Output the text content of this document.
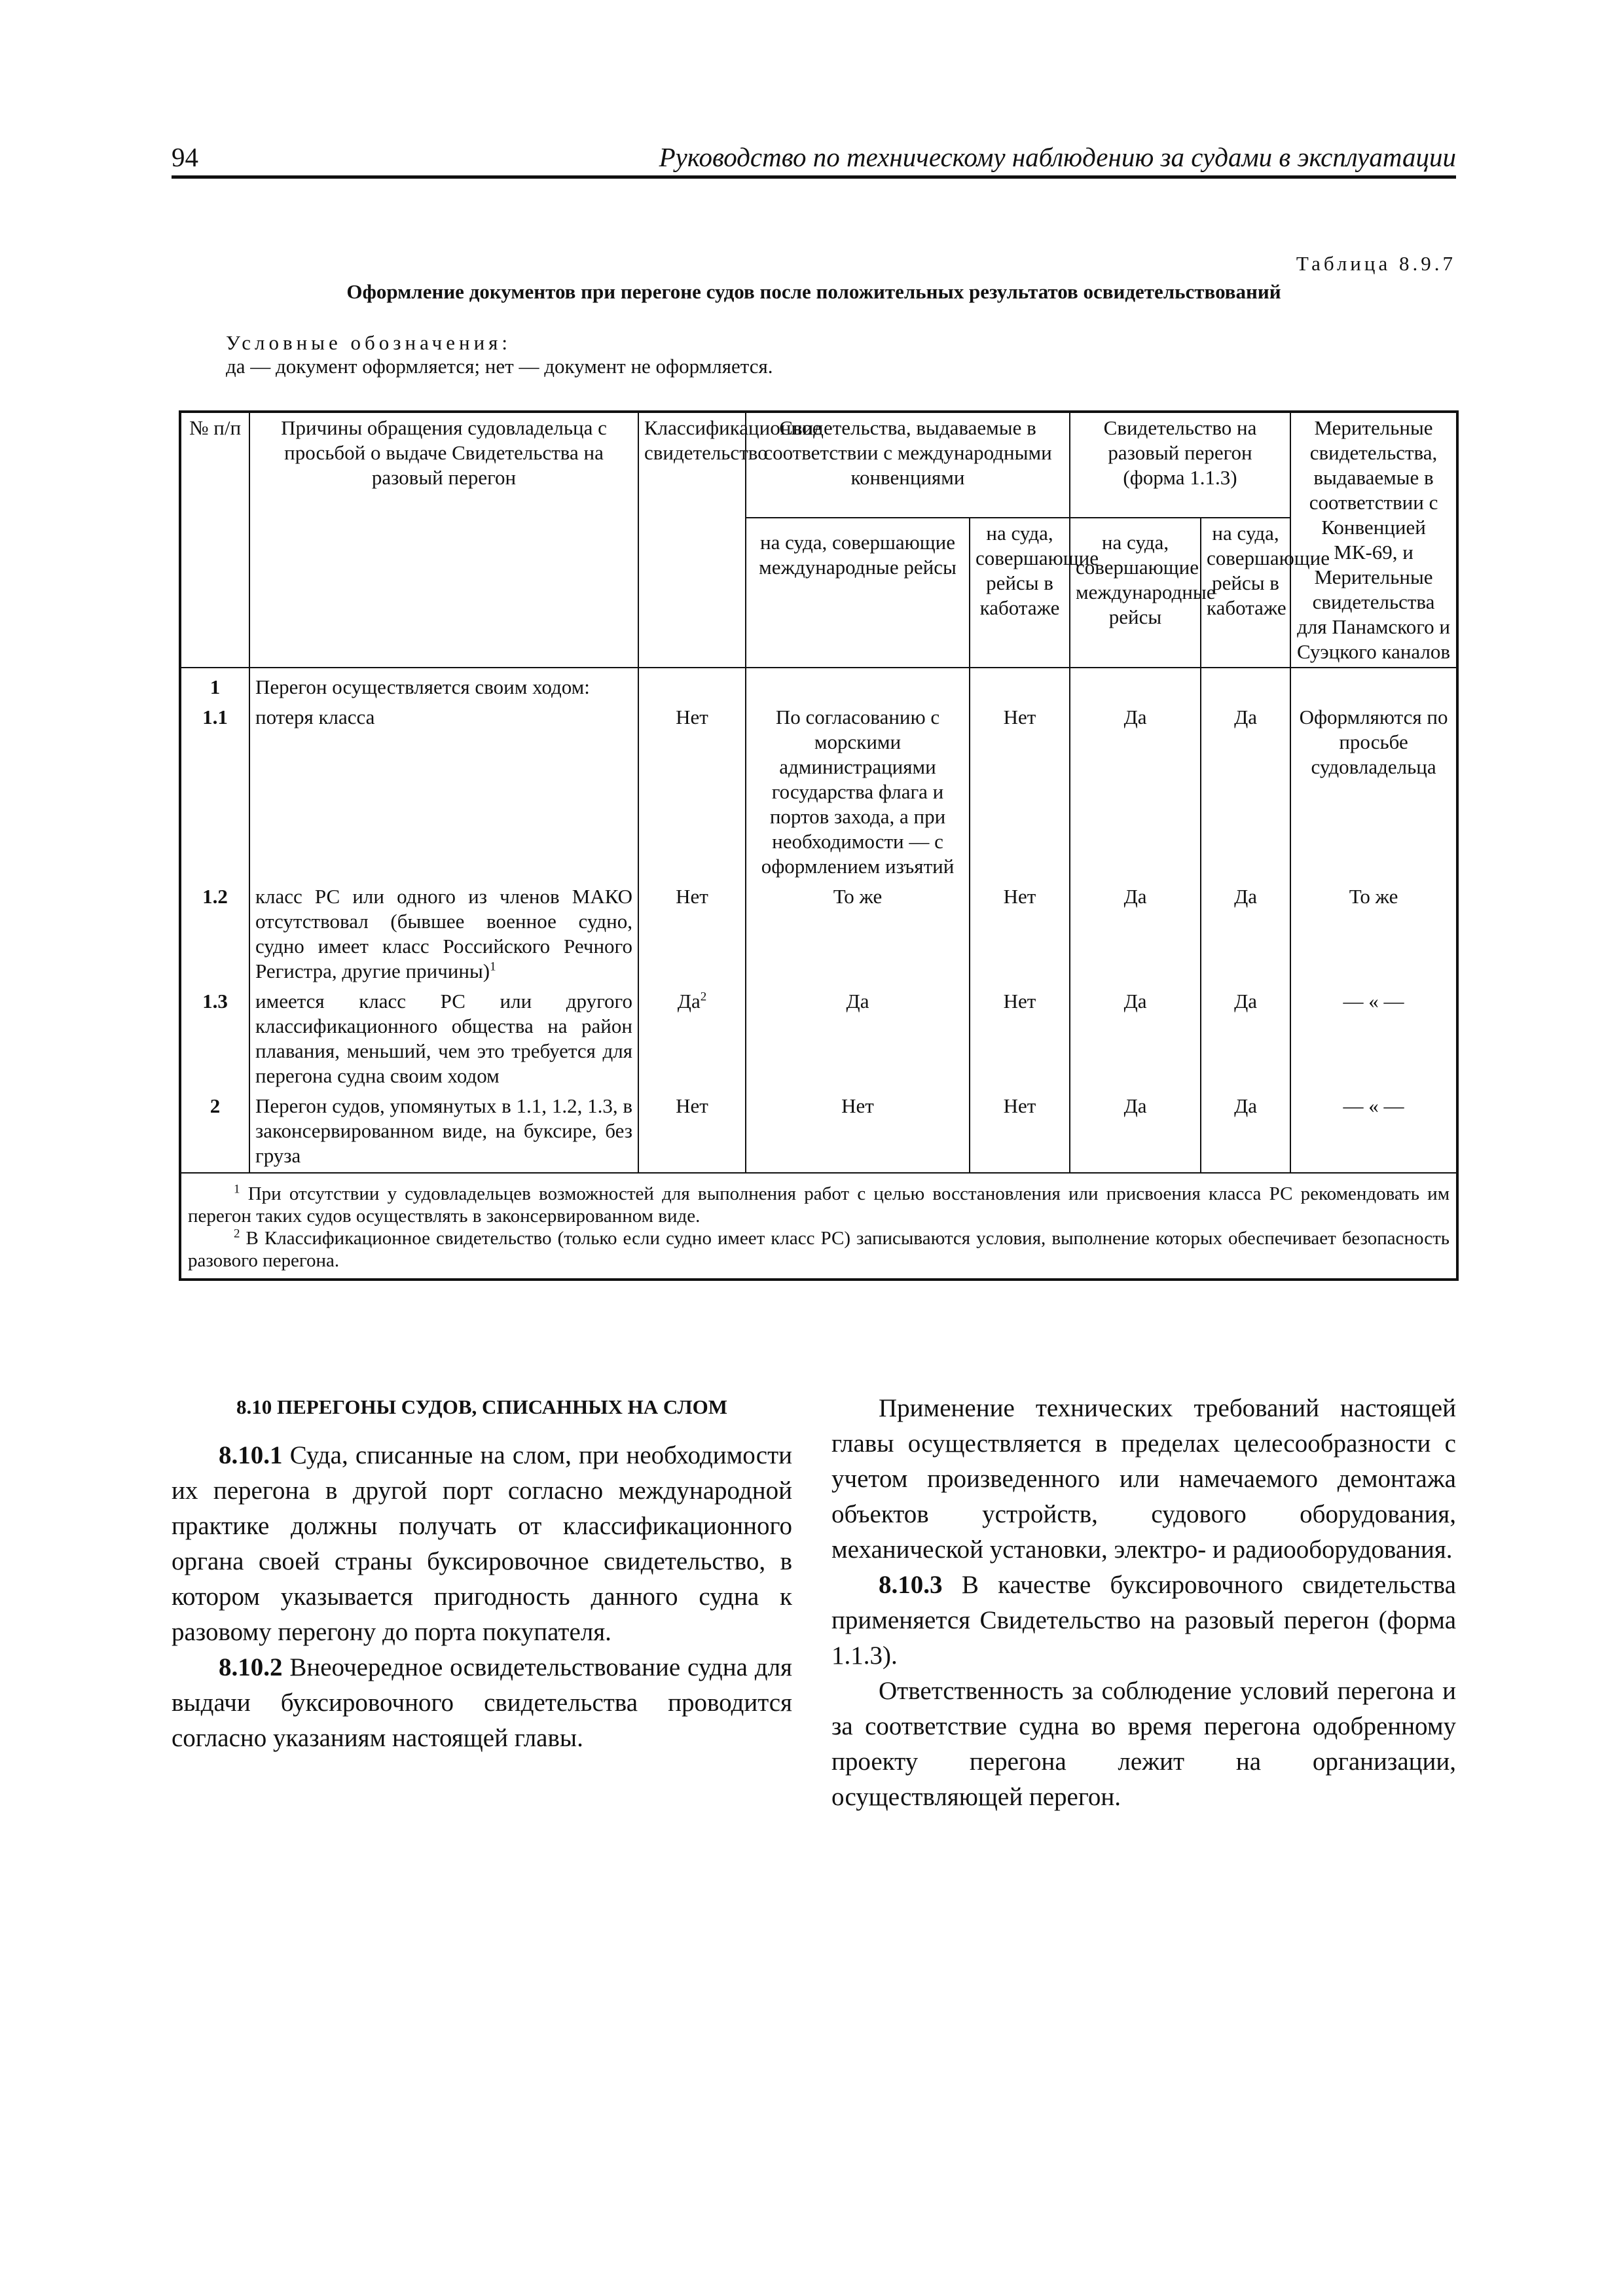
94	Руководство по техническому наблюдению за судами в эксплуатации
Таблица 8.9.7
Оформление документов при перегоне судов после положительных результатов освидетельствований
Условные обозначения:
да — документ оформляется; нет — документ не оформляется.
№ п/п	Причины обращения судовладельца с просьбой о выдаче Свидетельства на разовый перегон	Классификационное свидетельство	Свидетельства, выдаваемые в соответствии с международными конвенциями		Свидетельство на разовый перегон (форма 1.1.3)		Мерительные свидетельства, выдаваемые в соответствии с Конвенцией МК-69, и Мерительные свидетельства для Панамского и Суэцкого каналов
			на суда, совершающие международные рейсы	на суда, совершающие рейсы в каботаже	на суда, совершающие международные рейсы	на суда, совершающие рейсы в каботаже	
1	Перегон осуществляется своим ходом:						
1.1	потеря класса	Нет	По согласованию с морскими администрациями государства флага и портов захода, а при необходимости — с оформлением изъятий	Нет	Да	Да	Оформляются по просьбе судовладельца
1.2	класс РС или одного из членов МАКО отсутствовал (бывшее военное судно, судно имеет класс Российского Речного Регистра, другие причины)$^1$	Нет	То же	Нет	Да	Да	То же
1.3	имеется класс РС или другого классификационного общества на район плавания, меньший, чем это требуется для перегона судна своим ходом	$Да^2$	Да	Нет	Да	Да	— « —
2	Перегон судов, упомянутых в 1.1, 1.2, 1.3, в законсервированном виде, на буксире, без груза	Нет	Нет	Нет	Да	Да	— « —

$^1$ При отсутствии у судовладельцев возможностей для выполнения работ с целью восстановления или присвоения класса РС рекомендовать им перегон таких судов осуществлять в законсервированном виде.
$^2$ В Классификационное свидетельство (только если судно имеет класс РС) записываются условия, выполнение которых обеспечивает безопасность разового перегона.							
8.10 ПЕРЕГОНЫ СУДОВ, СПИСАННЫХ НА СЛОМ

8.10.1 Суда, списанные на слом, при необходимости их перегона в другой порт согласно международной практике должны получать от классификационного органа своей страны буксировочное свидетельство, в котором указывается пригодность данного судна к разовому перегону до порта покупателя.

8.10.2 Внеочередное освидетельствование судна для выдачи буксировочного свидетельства проводится согласно указаниям настоящей главы.

Применение технических требований настоящей главы осуществляется в пределах целесообразности с учетом произведенного или намечаемого демонтажа объектов устройств, судового оборудования, механической установки, электро- и радиооборудования.

8.10.3 В качестве буксировочного свидетельства применяется Свидетельство на разовый перегон (форма 1.1.3).

Ответственность за соблюдение условий перегона и за соответствие судна во время перегона одобренному проекту перегона лежит на организации, осуществляющей перегон.
